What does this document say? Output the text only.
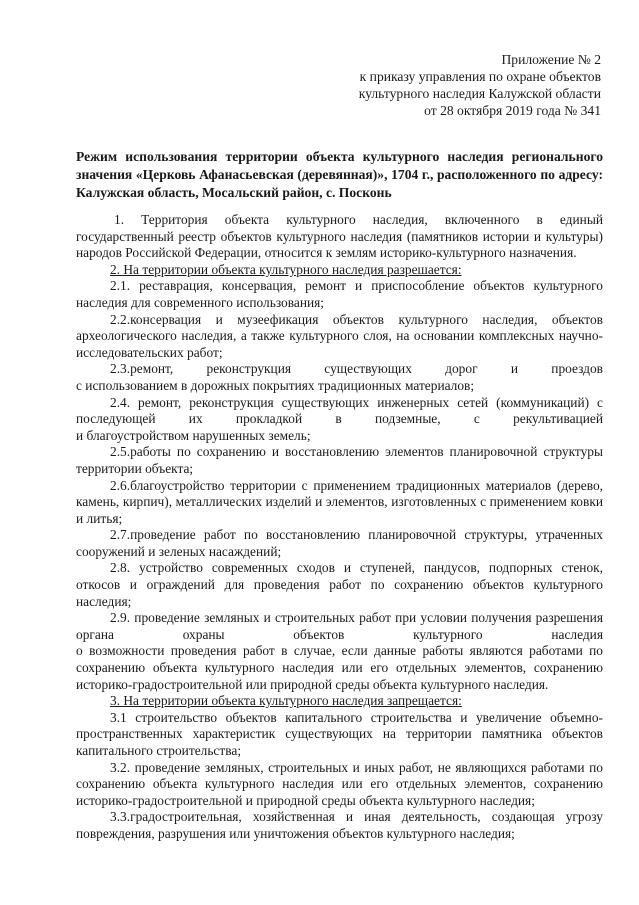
Приложение № 2
к приказу управления по охране объектов
культурного наследия Калужской области
от 28 октября 2019 года № 341
Режим использования территории объекта культурного наследия регионального значения «Церковь Афанасьевская (деревянная)», 1704 г., расположенного по адресу: Калужская область, Мосальский район, с. Посконь

1. Территория объекта культурного наследия, включенного в единый государственный реестр объектов культурного наследия (памятников истории и культуры) народов Российской Федерации, относится к землям историко-культурного назначения.

2. На территории объекта культурного наследия разрешается:

2.1. реставрация, консервация, ремонт и приспособление объектов культурного наследия для современного использования;

2.2.консервация и музеефикация объектов культурного наследия, объектов археологического наследия, а также культурного слоя, на основании комплексных научно-исследовательских работ;

2.3.ремонт, реконструкция существующих дорог и проездов

с использованием в дорожных покрытиях традиционных материалов;

2.4. ремонт, реконструкция существующих инженерных сетей (коммуникаций) с последующей их прокладкой в подземные, с рекультивацией

и благоустройством нарушенных земель;

2.5.работы по сохранению и восстановлению элементов планировочной структуры территории объекта;

2.6.благоустройство территории с применением традиционных материалов (дерево, камень, кирпич), металлических изделий и элементов, изготовленных с применением ковки и литья;

2.7.проведение работ по восстановлению планировочной структуры, утраченных сооружений и зеленых насаждений;

2.8. устройство современных сходов и ступеней, пандусов, подпорных стенок, откосов и ограждений для проведения работ по сохранению объектов культурного наследия;

2.9. проведение земляных и строительных работ при условии получения разрешения органа охраны объектов культурного наследия

о возможности проведения работ в случае, если данные работы являются работами по сохранению объекта культурного наследия или его отдельных элементов, сохранению историко-градостроительной или природной среды объекта культурного наследия.

3. На территории объекта культурного наследия запрещается:

3.1 строительство объектов капитального строительства и увеличение объемно-пространственных характеристик существующих на территории памятника объектов капитального строительства;

3.2. проведение земляных, строительных и иных работ, не являющихся работами по сохранению объекта культурного наследия или его отдельных элементов, сохранению историко-градостроительной и природной среды объекта культурного наследия;

3.3.градостроительная, хозяйственная и иная деятельность, создающая угрозу повреждения, разрушения или уничтожения объектов культурного наследия;
